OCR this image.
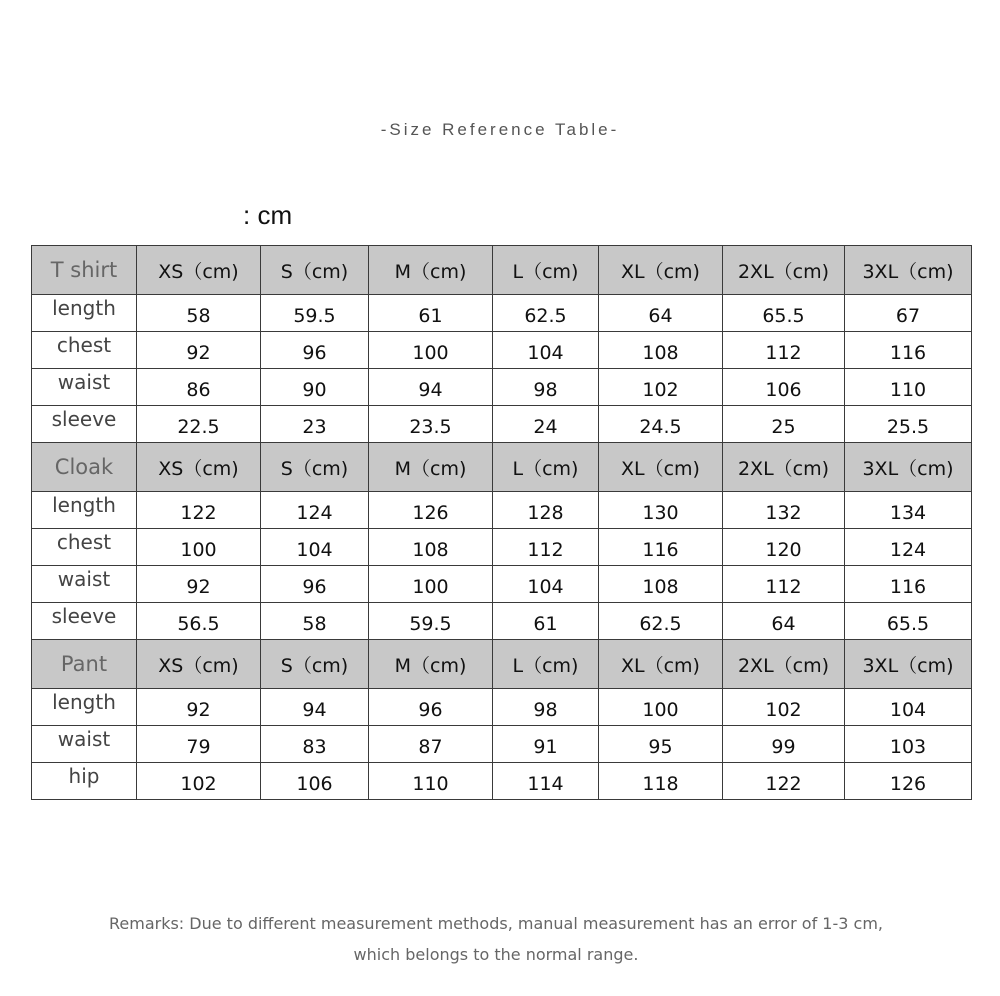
-Size Reference Table-
: cm
T shirt	XS（cm)	S（cm)	M（cm)	L（cm)	XL（cm)	2XL（cm)	3XL（cm)
length	58	59.5	61	62.5	64	65.5	67
chest	92	96	100	104	108	112	116
waist	86	90	94	98	102	106	110
sleeve	22.5	23	23.5	24	24.5	25	25.5
Cloak	XS（cm)	S（cm)	M（cm)	L（cm)	XL（cm)	2XL（cm)	3XL（cm)
length	122	124	126	128	130	132	134
chest	100	104	108	112	116	120	124
waist	92	96	100	104	108	112	116
sleeve	56.5	58	59.5	61	62.5	64	65.5
Pant	XS（cm)	S（cm)	M（cm)	L（cm)	XL（cm)	2XL（cm)	3XL（cm)
length	92	94	96	98	100	102	104
waist	79	83	87	91	95	99	103
hip	102	106	110	114	118	122	126
Remarks: Due to different measurement methods, manual measurement has an error of 1-3 cm,
which belongs to the normal range.
